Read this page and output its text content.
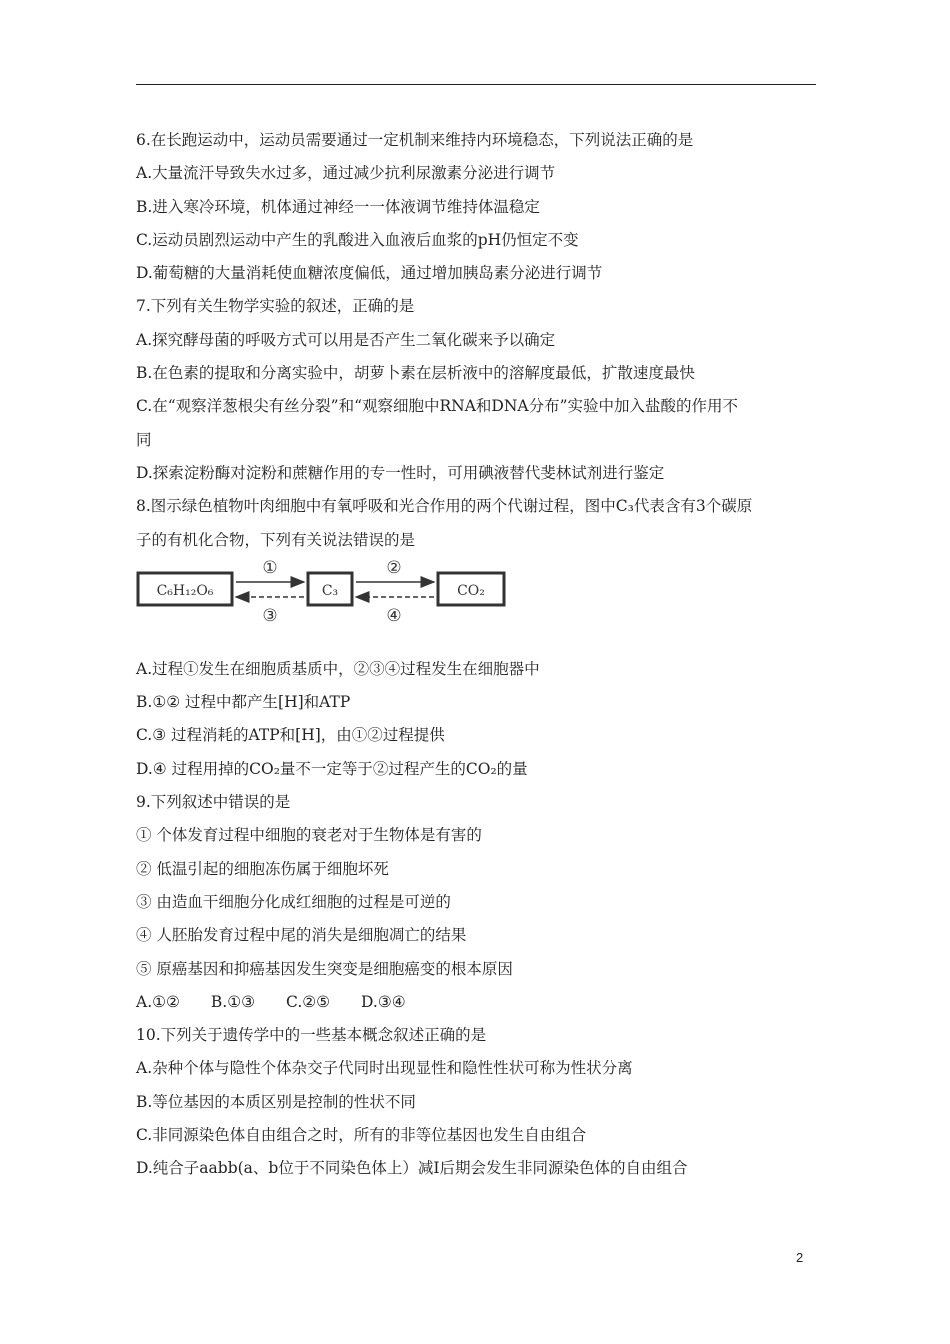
6.在长跑运动中，运动员需要通过一定机制来维持内环境稳态，下列说法正确的是
A.大量流汗导致失水过多，通过减少抗利尿激素分泌进行调节
B.进入寒冷环境，机体通过神经一一体液调节维持体温稳定
C.运动员剧烈运动中产生的乳酸进入血液后血浆的pH仍恒定不变
D.葡萄糖的大量消耗使血糖浓度偏低，通过增加胰岛素分泌进行调节
7.下列有关生物学实验的叙述，正确的是
A.探究酵母菌的呼吸方式可以用是否产生二氧化碳来予以确定
B.在色素的提取和分离实验中，胡萝卜素在层析液中的溶解度最低，扩散速度最快
C.在“观察洋葱根尖有丝分裂”和“观察细胞中RNA和DNA分布”实验中加入盐酸的作用不
同
D.探索淀粉酶对淀粉和蔗糖作用的专一性时，可用碘液替代斐林试剂进行鉴定
8.图示绿色植物叶肉细胞中有氧呼吸和光合作用的两个代谢过程，图中C₃代表含有3个碳原
子的有机化合物，下列有关说法错误的是
C₆H₁₂O₆	C₃	CO₂
①
③
②
④
A.过程①发生在细胞质基质中，②③④过程发生在细胞器中
B.①② 过程中都产生[H]和ATP
C.③ 过程消耗的ATP和[H]，由①②过程提供
D.④ 过程用掉的CO₂量不一定等于②过程产生的CO₂的量
9.下列叙述中错误的是
① 个体发育过程中细胞的衰老对于生物体是有害的
② 低温引起的细胞冻伤属于细胞坏死
③ 由造血干细胞分化成红细胞的过程是可逆的
④ 人胚胎发育过程中尾的消失是细胞凋亡的结果
⑤ 原癌基因和抑癌基因发生突变是细胞癌变的根本原因
A.①②　　B.①③　　C.②⑤　　D.③④
10.下列关于遗传学中的一些基本概念叙述正确的是
A.杂种个体与隐性个体杂交子代同时出现显性和隐性性状可称为性状分离
B.等位基因的本质区别是控制的性状不同
C.非同源染色体自由组合之时，所有的非等位基因也发生自由组合
D.纯合子aabb(a、b位于不同染色体上）减Ⅰ后期会发生非同源染色体的自由组合
2
